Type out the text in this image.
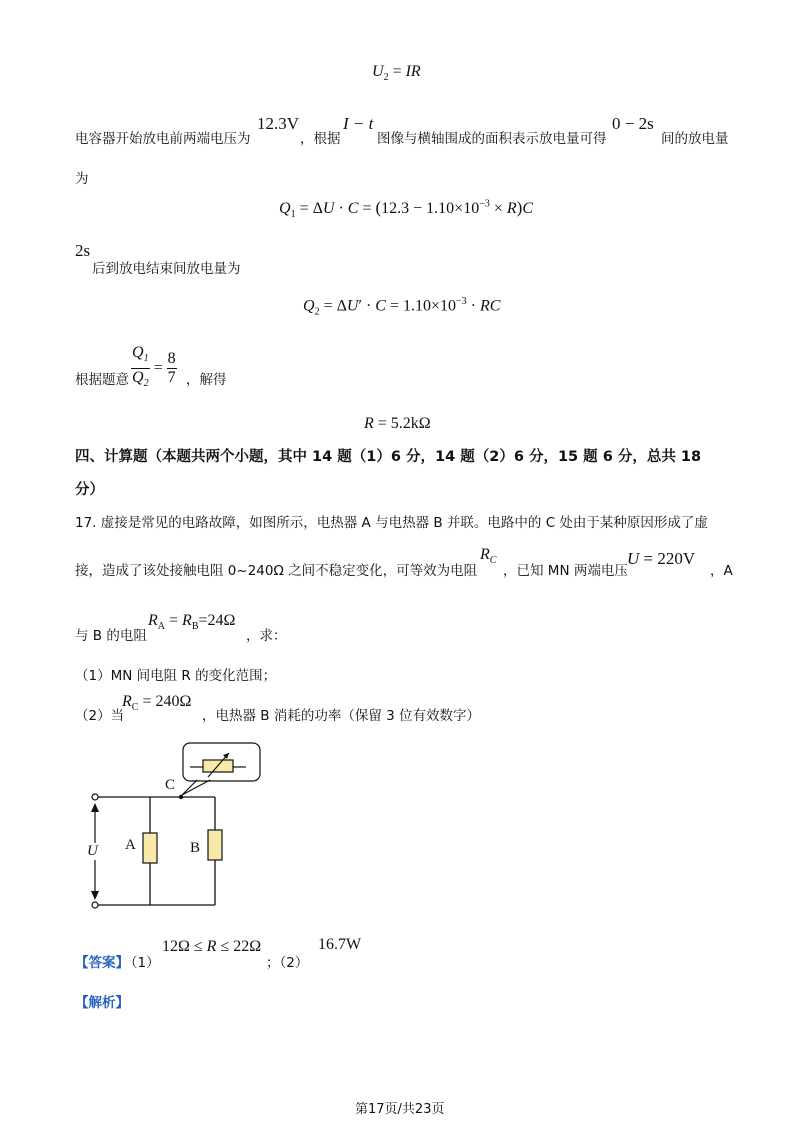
$U_2$ = IR
电容器开始放电前两端电压为
12.3V
，根据
I − t
图像与横轴围成的面积表示放电量可得
0 − 2s
间的放电量
为
$Q_1 = \Delta U \cdot C = (12.3 - 1.10\times 10^{-3} \times R)C$
2s
后到放电结束间放电量为
$Q_2 = \Delta U' \cdot C = 1.10\times 10^{-3}$ · RC
根据题意 $\frac{Q_1}{Q_2} = \frac{8}{7}$ ，解得
R = 5.2kΩ
四、计算题（本题共两个小题，其中 14 题（1）6 分，14 题（2）6 分，15 题 6 分，总共 18
分）
17. 虚接是常见的电路故障，如图所示，电热器 A 与电热器 B 并联。电路中的 C 处由于某种原因形成了虚
接，造成了该处接触电阻 0~240Ω 之间不稳定变化，可等效为电阻
$R_C$
，已知 MN 两端电压
U = 220V
，A
与 B 的电阻
$R_A = R_B=24\Omega$
，求：
（1）MN 间电阻 R 的变化范围；
（2）当
$R_C = 240\Omega$
，电热器 B 消耗的功率（保留 3 位有效数字）
C
A	B
U
【答案】
（1）
12Ω ≤ R ≤ 22Ω
；（2）
16.7W
【解析】
第17页/共23页
